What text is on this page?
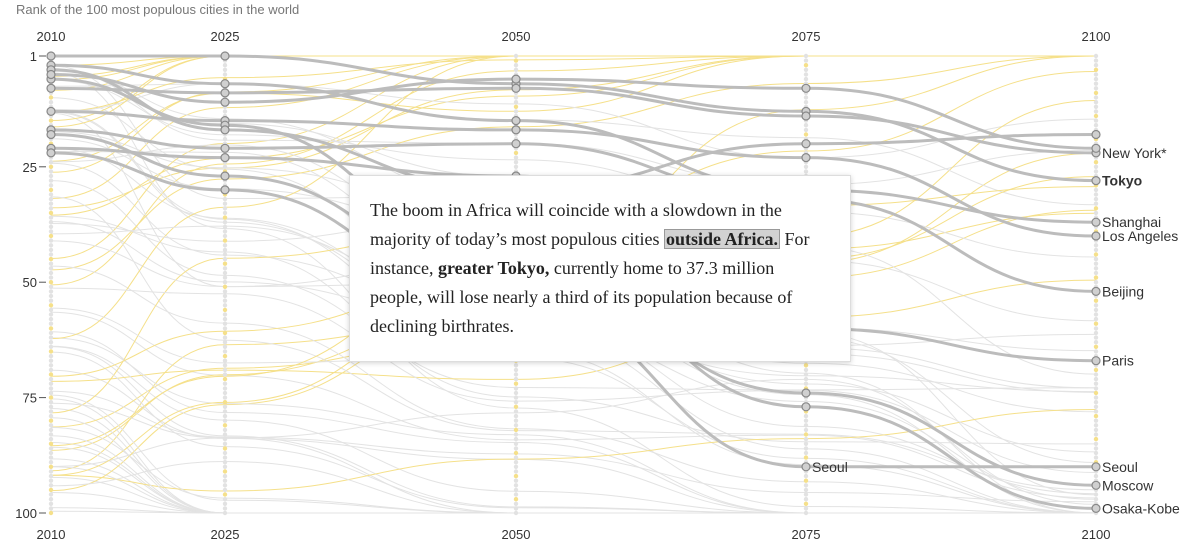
Rank of the 100 most populous cities in the world
2010	2025	2050	2075	2100
2010	2025	2050	2075	2100
1
25
50
75
100
Tokyo
New York*
Shanghai
Los Angeles
Beijing
Paris
Moscow
Osaka-Kobe
Seoul
Seoul
The boom in Africa will coincide with a slowdown in the majority of today’s most populous cities outside Africa. For instance, greater Tokyo, currently home to 37.3 million people, will lose nearly a third of its population because of declining birthrates.
